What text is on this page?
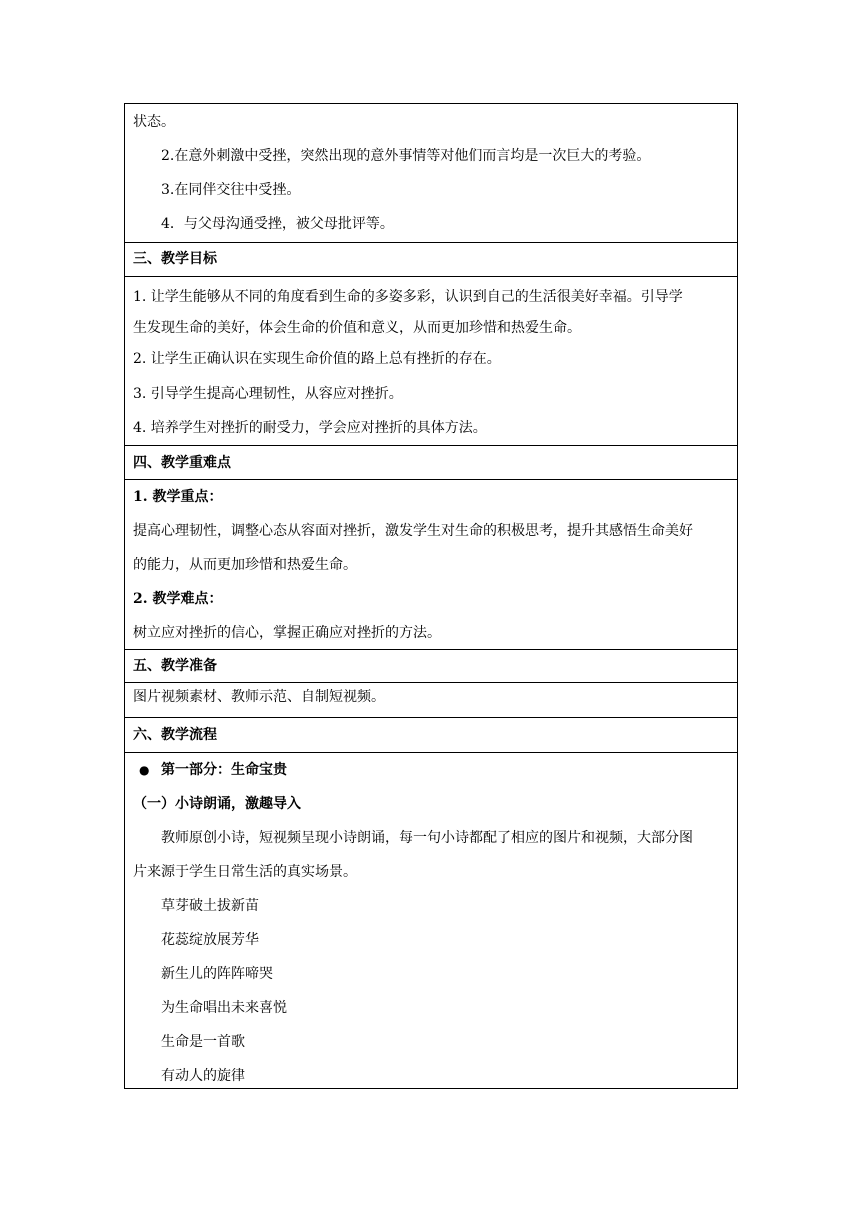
状态。
2.在意外刺激中受挫，突然出现的意外事情等对他们而言均是一次巨大的考验。
3.在同伴交往中受挫。
4．与父母沟通受挫，被父母批评等。
三、教学目标
1. 让学生能够从不同的角度看到生命的多姿多彩，认识到自己的生活很美好幸福。引导学
生发现生命的美好，体会生命的价值和意义，从而更加珍惜和热爱生命。
2. 让学生正确认识在实现生命价值的路上总有挫折的存在。
3. 引导学生提高心理韧性，从容应对挫折。
4. 培养学生对挫折的耐受力，学会应对挫折的具体方法。
四、教学重难点
1. 教学重点：
提高心理韧性，调整心态从容面对挫折，激发学生对生命的积极思考，提升其感悟生命美好
的能力，从而更加珍惜和热爱生命。
2. 教学难点：
树立应对挫折的信心，掌握正确应对挫折的方法。
五、教学准备
图片视频素材、教师示范、自制短视频。
六、教学流程
● 第一部分：生命宝贵
（一）小诗朗诵，激趣导入
教师原创小诗，短视频呈现小诗朗诵，每一句小诗都配了相应的图片和视频，大部分图
片来源于学生日常生活的真实场景。
草芽破土拔新苗
花蕊绽放展芳华
新生儿的阵阵啼哭
为生命唱出未来喜悦
生命是一首歌
有动人的旋律
